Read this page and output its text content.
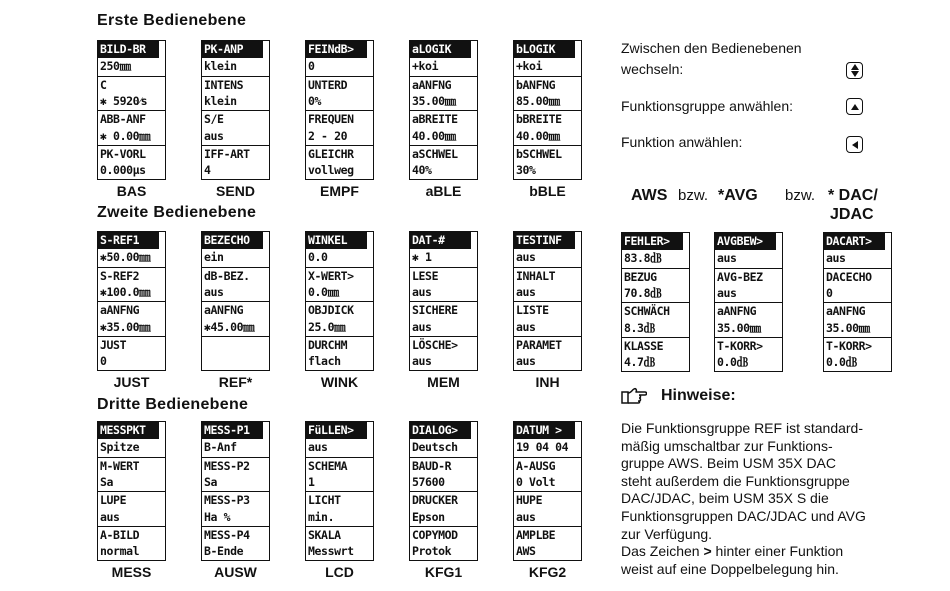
Erste Bedienebene
Zweite Bedienebene
Dritte Bedienebene
BILD-BR
250㎜
C
✱ 5920⁄s
ABB-ANF
✱ 0.00㎜
PK-VORL
0.000µs
BAS
PK-ANP
klein
INTENS
klein
S/E
aus
IFF-ART
4
SEND
FEINdB>
0
UNTERD
0%
FREQUEN
2 - 20
GLEICHR
vollweg
EMPF
aLOGIK
+koi
aANFNG
35.00㎜
aBREITE
40.00㎜
aSCHWEL
40%
aBLE
bLOGIK
+koi
bANFNG
85.00㎜
bBREITE
40.00㎜
bSCHWEL
30%
bBLE
S-REF1
✱50.00㎜
S-REF2
✱100.0㎜
aANFNG
✱35.00㎜
JUST
0
JUST
BEZECHO
ein
dB-BEZ.
aus
aANFNG
✱45.00㎜
REF*
WINKEL
0.0
X-WERT>
0.0㎜
OBJDICK
25.0㎜
DURCHM
flach
WINK
DAT-#
✱ 1
LESE
aus
SICHERE
aus
LÖSCHE>
aus
MEM
TESTINF
aus
INHALT
aus
LISTE
aus
PARAMET
aus
INH
MESSPKT
Spitze
M-WERT
Sa
LUPE
aus
A-BILD
normal
MESS
MESS-P1
B-Anf
MESS-P2
Sa
MESS-P3
Ha %
MESS-P4
B-Ende
AUSW
FüLLEN>
aus
SCHEMA
1
LICHT
min.
SKALA
Messwrt
LCD
DIALOG>
Deutsch
BAUD-R
57600
DRUCKER
Epson
COPYMOD
Protok
KFG1
DATUM >
19 04 04
A-AUSG
0 Volt
HUPE
aus
AMPLBE
AWS
KFG2
FEHLER>
83.8㏈
BEZUG
70.8㏈
SCHWÄCH
8.3㏈
KLASSE
4.7㏈
AVGBEW>
aus
AVG-BEZ
aus
aANFNG
35.00㎜
T-KORR>
0.0㏈
DACART>
aus
DACECHO
0
aANFNG
35.00㎜
T-KORR>
0.0㏈
Zwischen den Bedienebenen
wechseln:
Funktionsgruppe anwählen:
Funktion anwählen:
AWS bzw. *AVG bzw. * DAC/
JDAC
Hinweise:

Die Funktionsgruppe REF ist standard-

mäßig umschaltbar zur Funktions-

gruppe AWS. Beim USM 35X DAC

steht außerdem die Funktionsgruppe

DAC/JDAC, beim USM 35X S die

Funktionsgruppen DAC/JDAC und AVG

zur Verfügung.

Das Zeichen > hinter einer Funktion

weist auf eine Doppelbelegung hin.
